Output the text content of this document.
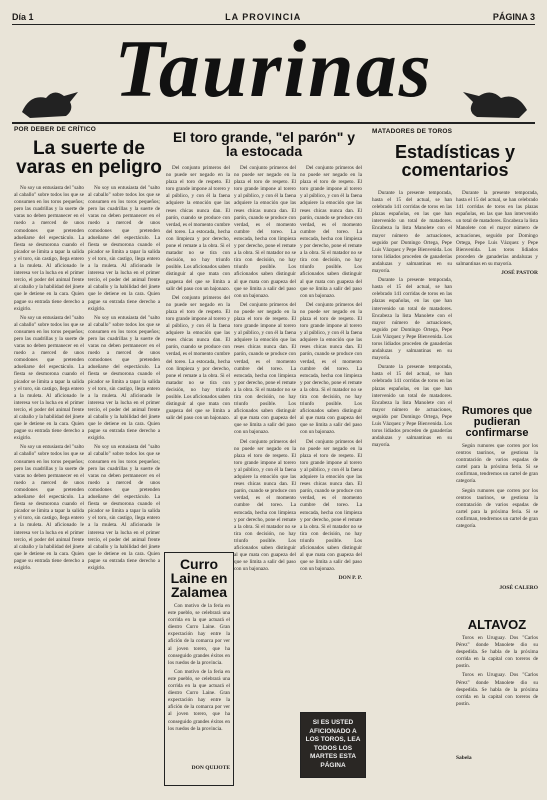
Día 1	LA PROVINCIA	PÁGINA 3
Taurinas
POR DEBER DE CRÍTICO
La suerte de varas en peligro

No soy un entusiasta del "salto al caballo" sobre todos los que se consumen en los toros pequeños; pero las cuadrillas y la suerte de varas no deben permanecer en el ruedo a merced de unos comodones que pretenden adueñarse del espectáculo. La fiesta se desmorona cuando el picador se limita a tapar la salida y el toro, sin castigo, llega entero a la muleta. Al aficionado le interesa ver la lucha en el primer tercio, el poder del animal frente al caballo y la habilidad del jinete que le detiene en la cara. Quien pague su entrada tiene derecho a exigirlo.

No soy un entusiasta del "salto al caballo" sobre todos los que se consumen en los toros pequeños; pero las cuadrillas y la suerte de varas no deben permanecer en el ruedo a merced de unos comodones que pretenden adueñarse del espectáculo. La fiesta se desmorona cuando el picador se limita a tapar la salida y el toro, sin castigo, llega entero a la muleta. Al aficionado le interesa ver la lucha en el primer tercio, el poder del animal frente al caballo y la habilidad del jinete que le detiene en la cara. Quien pague su entrada tiene derecho a exigirlo.

No soy un entusiasta del "salto al caballo" sobre todos los que se consumen en los toros pequeños; pero las cuadrillas y la suerte de varas no deben permanecer en el ruedo a merced de unos comodones que pretenden adueñarse del espectáculo. La fiesta se desmorona cuando el picador se limita a tapar la salida y el toro, sin castigo, llega entero a la muleta. Al aficionado le interesa ver la lucha en el primer tercio, el poder del animal frente al caballo y la habilidad del jinete que le detiene en la cara. Quien pague su entrada tiene derecho a exigirlo.

No soy un entusiasta del "salto al caballo" sobre todos los que se consumen en los toros pequeños; pero las cuadrillas y la suerte de varas no deben permanecer en el ruedo a merced de unos comodones que pretenden adueñarse del espectáculo. La fiesta se desmorona cuando el picador se limita a tapar la salida y el toro, sin castigo, llega entero a la muleta. Al aficionado le interesa ver la lucha en el primer tercio, el poder del animal frente al caballo y la habilidad del jinete que le detiene en la cara. Quien pague su entrada tiene derecho a exigirlo.

No soy un entusiasta del "salto al caballo" sobre todos los que se consumen en los toros pequeños; pero las cuadrillas y la suerte de varas no deben permanecer en el ruedo a merced de unos comodones que pretenden adueñarse del espectáculo. La fiesta se desmorona cuando el picador se limita a tapar la salida y el toro, sin castigo, llega entero a la muleta. Al aficionado le interesa ver la lucha en el primer tercio, el poder del animal frente al caballo y la habilidad del jinete que le detiene en la cara. Quien pague su entrada tiene derecho a exigirlo.

No soy un entusiasta del "salto al caballo" sobre todos los que se consumen en los toros pequeños; pero las cuadrillas y la suerte de varas no deben permanecer en el ruedo a merced de unos comodones que pretenden adueñarse del espectáculo. La fiesta se desmorona cuando el picador se limita a tapar la salida y el toro, sin castigo, llega entero a la muleta. Al aficionado le interesa ver la lucha en el primer tercio, el poder del animal frente al caballo y la habilidad del jinete que le detiene en la cara. Quien pague su entrada tiene derecho a exigirlo.

El toro grande, "el parón" y la estocada

Del conjunto primeros del no puede ser negado en la plaza el toro de respeto. El toro grande impone al torero y al público, y con él la faena adquiere la emoción que las reses chicas nunca dan. El parón, cuando se produce con verdad, es el momento cumbre del toreo. La estocada, hecha con limpieza y por derecho, pone el remate a la obra. Si el matador no se tira con decisión, no hay triunfo posible. Los aficionados saben distinguir al que mata con guapeza del que se limita a salir del paso con un bajonazo.

Del conjunto primeros del no puede ser negado en la plaza el toro de respeto. El toro grande impone al torero y al público, y con él la faena adquiere la emoción que las reses chicas nunca dan. El parón, cuando se produce con verdad, es el momento cumbre del toreo. La estocada, hecha con limpieza y por derecho, pone el remate a la obra. Si el matador no se tira con decisión, no hay triunfo posible. Los aficionados saben distinguir al que mata con guapeza del que se limita a salir del paso con un bajonazo.

Del conjunto primeros del no puede ser negado en la plaza el toro de respeto. El toro grande impone al torero y al público, y con él la faena adquiere la emoción que las reses chicas nunca dan. El parón, cuando se produce con verdad, es el momento cumbre del toreo. La estocada, hecha con limpieza y por derecho, pone el remate a la obra. Si el matador no se tira con decisión, no hay triunfo posible. Los aficionados saben distinguir al que mata con guapeza del que se limita a salir del paso con un bajonazo.

Del conjunto primeros del no puede ser negado en la plaza el toro de respeto. El toro grande impone al torero y al público, y con él la faena adquiere la emoción que las reses chicas nunca dan. El parón, cuando se produce con verdad, es el momento cumbre del toreo. La estocada, hecha con limpieza y por derecho, pone el remate a la obra. Si el matador no se tira con decisión, no hay triunfo posible. Los aficionados saben distinguir al que mata con guapeza del que se limita a salir del paso con un bajonazo.

Del conjunto primeros del no puede ser negado en la plaza el toro de respeto. El toro grande impone al torero y al público, y con él la faena adquiere la emoción que las reses chicas nunca dan. El parón, cuando se produce con verdad, es el momento cumbre del toreo. La estocada, hecha con limpieza y por derecho, pone el remate a la obra. Si el matador no se tira con decisión, no hay triunfo posible. Los aficionados saben distinguir al que mata con guapeza del que se limita a salir del paso con un bajonazo.

Del conjunto primeros del no puede ser negado en la plaza el toro de respeto. El toro grande impone al torero y al público, y con él la faena adquiere la emoción que las reses chicas nunca dan. El parón, cuando se produce con verdad, es el momento cumbre del toreo. La estocada, hecha con limpieza y por derecho, pone el remate a la obra. Si el matador no se tira con decisión, no hay triunfo posible. Los aficionados saben distinguir al que mata con guapeza del que se limita a salir del paso con un bajonazo.

Del conjunto primeros del no puede ser negado en la plaza el toro de respeto. El toro grande impone al torero y al público, y con él la faena adquiere la emoción que las reses chicas nunca dan. El parón, cuando se produce con verdad, es el momento cumbre del toreo. La estocada, hecha con limpieza y por derecho, pone el remate a la obra. Si el matador no se tira con decisión, no hay triunfo posible. Los aficionados saben distinguir al que mata con guapeza del que se limita a salir del paso con un bajonazo.

Del conjunto primeros del no puede ser negado en la plaza el toro de respeto. El toro grande impone al torero y al público, y con él la faena adquiere la emoción que las reses chicas nunca dan. El parón, cuando se produce con verdad, es el momento cumbre del toreo. La estocada, hecha con limpieza y por derecho, pone el remate a la obra. Si el matador no se tira con decisión, no hay triunfo posible. Los aficionados saben distinguir al que mata con guapeza del que se limita a salir del paso con un bajonazo.

DON P. P.
Curro Laine en Zalamea

Con motivo de la feria en este pueblo, se celebrará una corrida en la que actuará el diestro Curro Laine. Gran expectación hay entre la afición de la comarca por ver al joven torero, que ha conseguido grandes éxitos en los ruedos de la provincia.

Con motivo de la feria en este pueblo, se celebrará una corrida en la que actuará el diestro Curro Laine. Gran expectación hay entre la afición de la comarca por ver al joven torero, que ha conseguido grandes éxitos en los ruedos de la provincia.

DON QUIJOTE
SI ES USTED AFICIONADO A LOS TOROS, LEA TODOS LOS MARTES ESTA PÁGINA
MATADORES DE TOROS
Estadísticas y comentarios

Durante la presente temporada, hasta el 15 del actual, se han celebrado 141 corridas de toros en las plazas españolas, en las que han intervenido un total de matadores. Encabeza la lista Manolete con el mayor número de actuaciones, seguido por Domingo Ortega, Pepe Luis Vázquez y Pepe Bienvenida. Los toros lidiados proceden de ganaderías andaluzas y salmantinas en su mayoría.

Durante la presente temporada, hasta el 15 del actual, se han celebrado 141 corridas de toros en las plazas españolas, en las que han intervenido un total de matadores. Encabeza la lista Manolete con el mayor número de actuaciones, seguido por Domingo Ortega, Pepe Luis Vázquez y Pepe Bienvenida. Los toros lidiados proceden de ganaderías andaluzas y salmantinas en su mayoría.

Durante la presente temporada, hasta el 15 del actual, se han celebrado 141 corridas de toros en las plazas españolas, en las que han intervenido un total de matadores. Encabeza la lista Manolete con el mayor número de actuaciones, seguido por Domingo Ortega, Pepe Luis Vázquez y Pepe Bienvenida. Los toros lidiados proceden de ganaderías andaluzas y salmantinas en su mayoría.

Durante la presente temporada, hasta el 15 del actual, se han celebrado 141 corridas de toros en las plazas españolas, en las que han intervenido un total de matadores. Encabeza la lista Manolete con el mayor número de actuaciones, seguido por Domingo Ortega, Pepe Luis Vázquez y Pepe Bienvenida. Los toros lidiados proceden de ganaderías andaluzas y salmantinas en su mayoría.

JOSÉ PASTOR
Rumores que pudieran confirmarse

Según rumores que corren por los centros taurinos, se gestiona la contratación de varios espadas de cartel para la próxima feria. Si se confirman, tendremos un cartel de gran categoría.

Según rumores que corren por los centros taurinos, se gestiona la contratación de varios espadas de cartel para la próxima feria. Si se confirman, tendremos un cartel de gran categoría.

JOSÉ CALERO
ALTAVOZ

Toros en Uruguay. Dos "Carlos Pérez" donde Manolete dio su despedida. Se habla de la próxima corrida en la capital con toreros de postín.

Toros en Uruguay. Dos "Carlos Pérez" donde Manolete dio su despedida. Se habla de la próxima corrida en la capital con toreros de postín.

Sabela
